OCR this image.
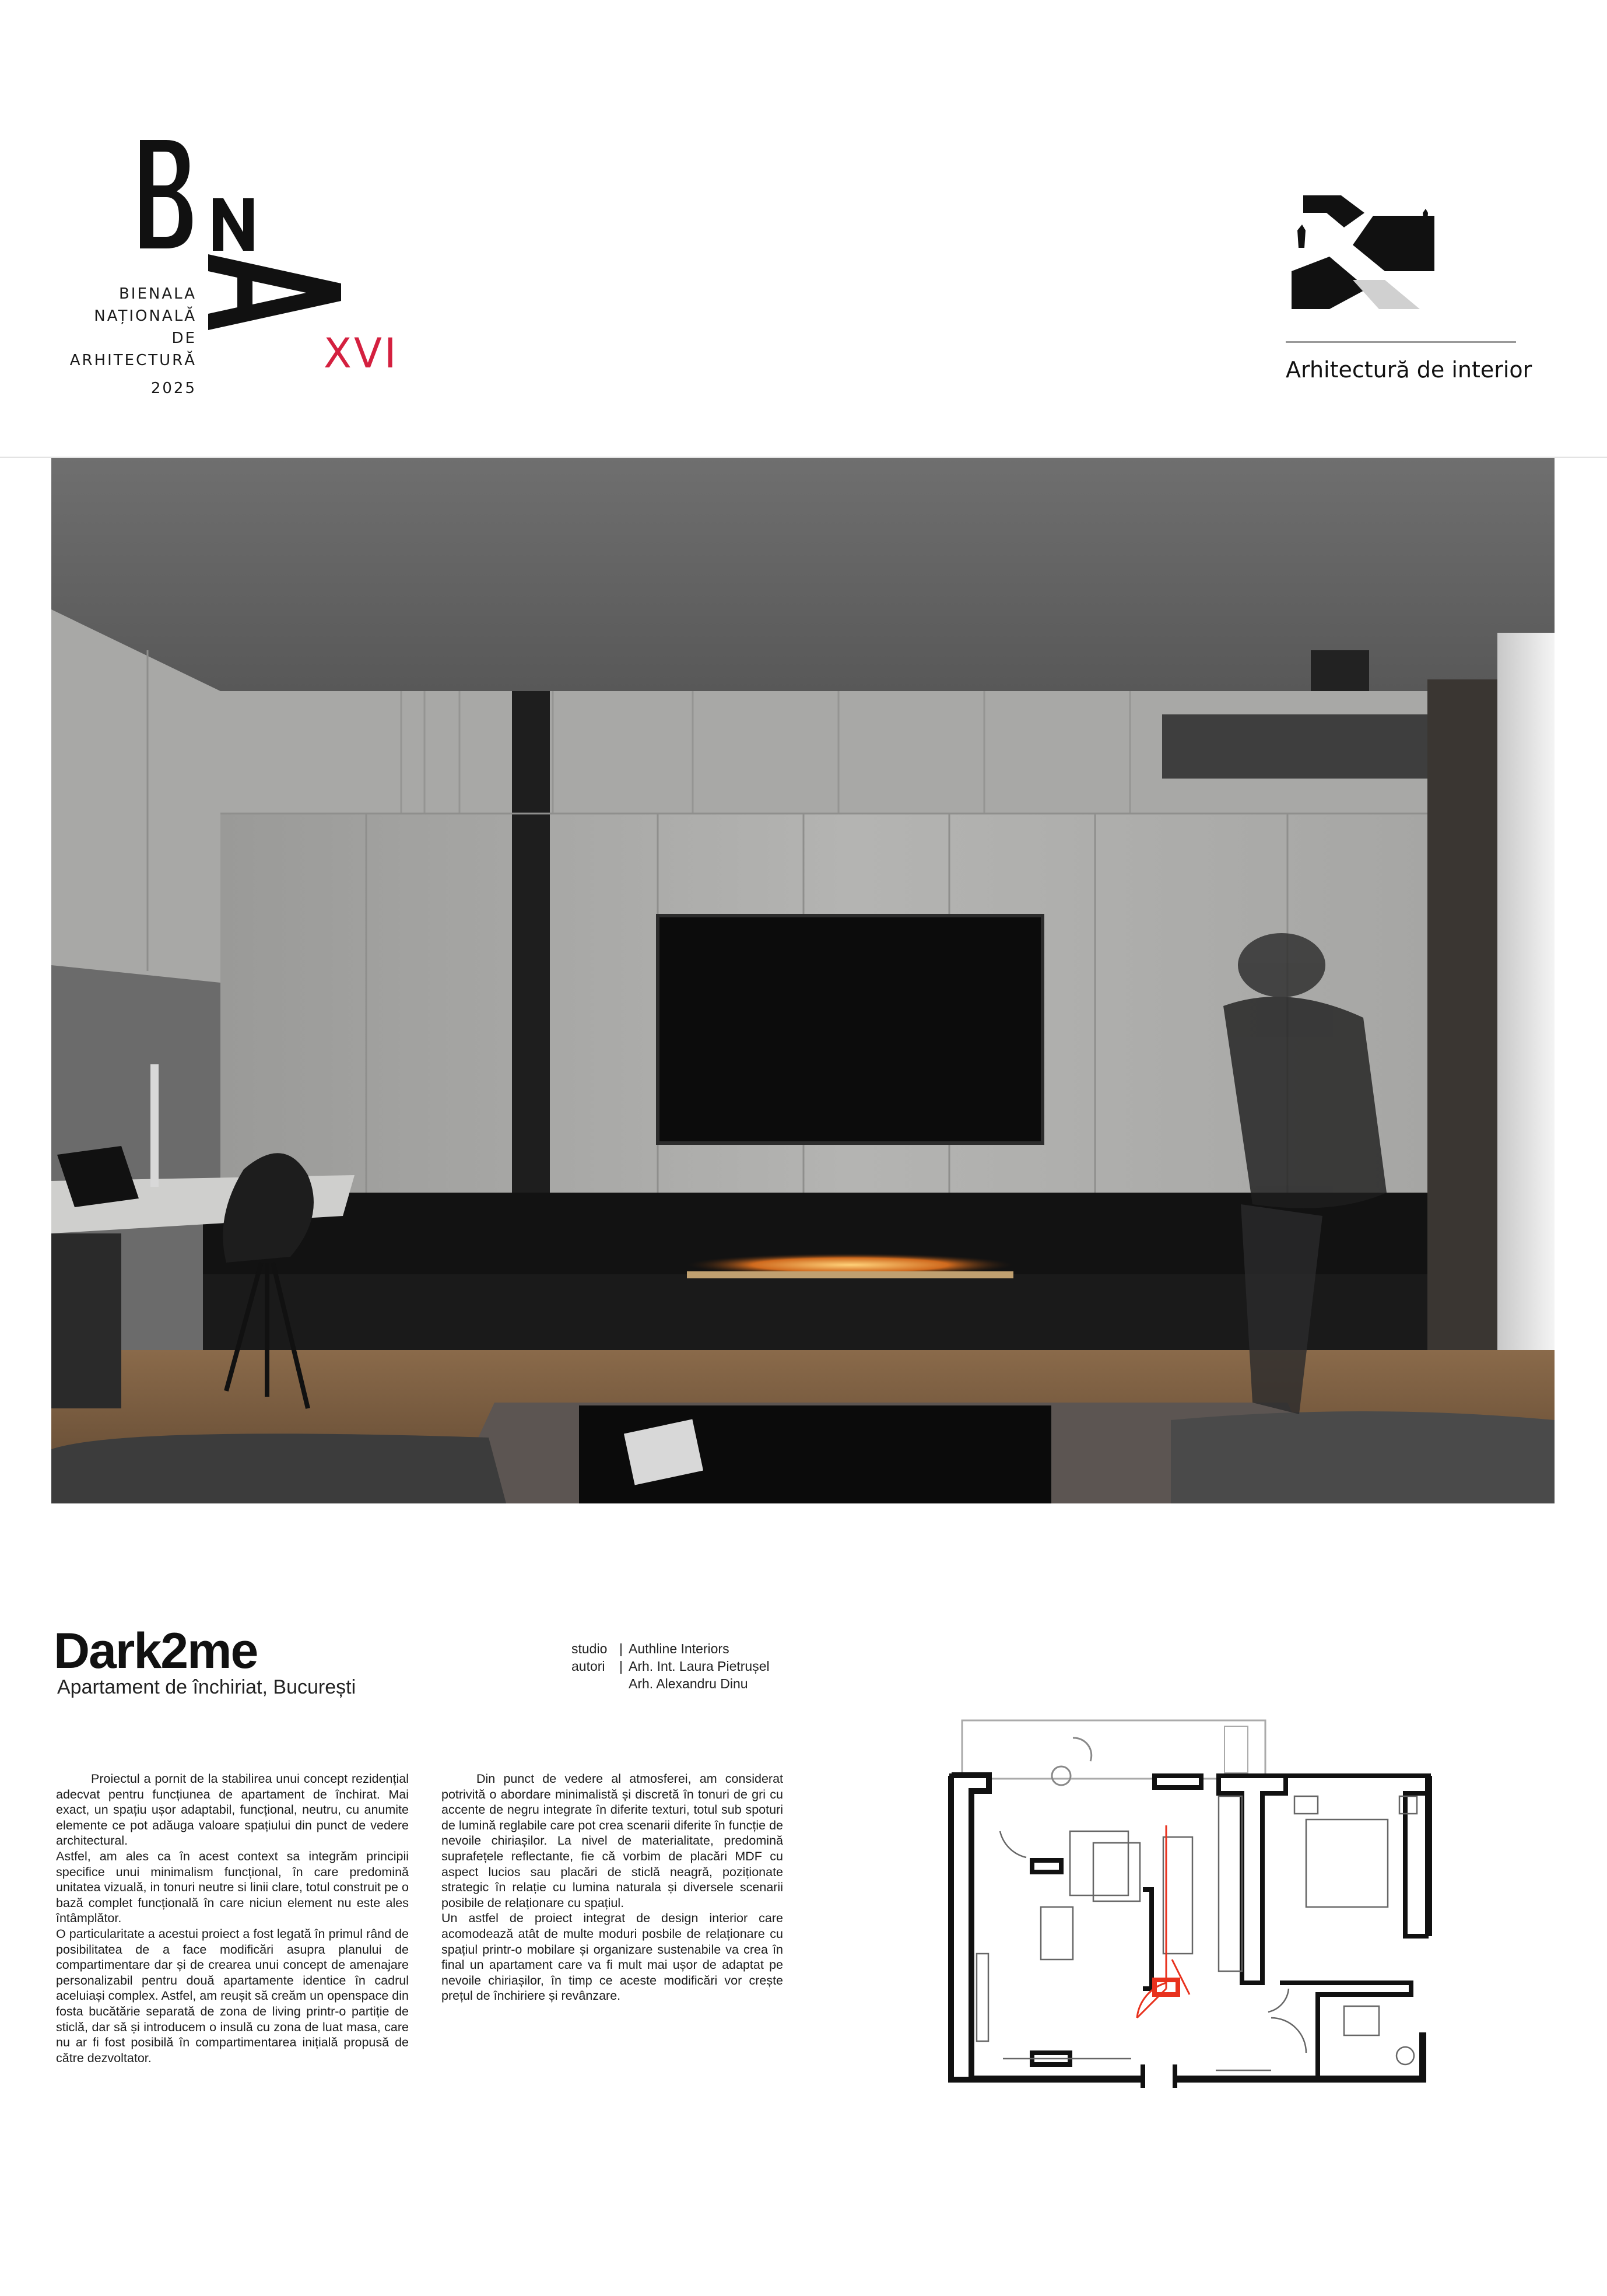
BIENALA
NAȚIONALĂ
DE
ARHITECTURĂ
2025
XVI	Arhitectură de interior
Dark2me
Apartament de închiriat, București
studio | Authline Interiors
autori	| Arh. Int. Laura Pietrușel
Arh. Alexandru Dinu

Proiectul a pornit de la stabilirea unui concept rezidențial adecvat pentru funcțiunea de apartament de închirat. Mai exact, un spațiu ușor adaptabil, funcțional, neutru, cu anumite elemente ce pot adăuga valoare spațiului din punct de vedere architectural.

Astfel, am ales ca în acest context sa integrăm principii specifice unui minimalism funcțional, în care predomină unitatea vizuală, in tonuri neutre si linii clare, totul construit pe o bază complet funcțională în care niciun element nu este ales întâmplător.

O particularitate a acestui proiect a fost legată în primul rând de posibilitatea de a face modificări asupra planului de compartimentare dar și de crearea unui concept de amenajare personalizabil pentru două apartamente identice în cadrul aceluiași complex. Astfel, am reușit să creăm un openspace din fosta bucătărie separată de zona de living printr-o partiție de sticlă, dar să și introducem o insulă cu zona de luat masa, care nu ar fi fost posibilă în compartimentarea inițială propusă de către dezvoltator.

Din punct de vedere al atmosferei, am considerat potrivită o abordare minimalistă și discretă în tonuri de gri cu accente de negru integrate în diferite texturi, totul sub spoturi de lumină reglabile care pot crea scenarii diferite în funcție de nevoile chiriașilor. La nivel de materialitate, predomină suprafețele reflectante, fie că vorbim de placări MDF cu aspect lucios sau placări de sticlă neagră, poziționate strategic în relație cu lumina naturala și diversele scenarii posibile de relaționare cu spațiul.

Un astfel de proiect integrat de design interior care acomodează atât de multe moduri posbile de relaționare cu spațiul printr-o mobilare și organizare sustenabile va crea în final un apartament care va fi mult mai ușor de adaptat pe nevoile chiriașilor, în timp ce aceste modificări vor crește prețul de închiriere și revânzare.
